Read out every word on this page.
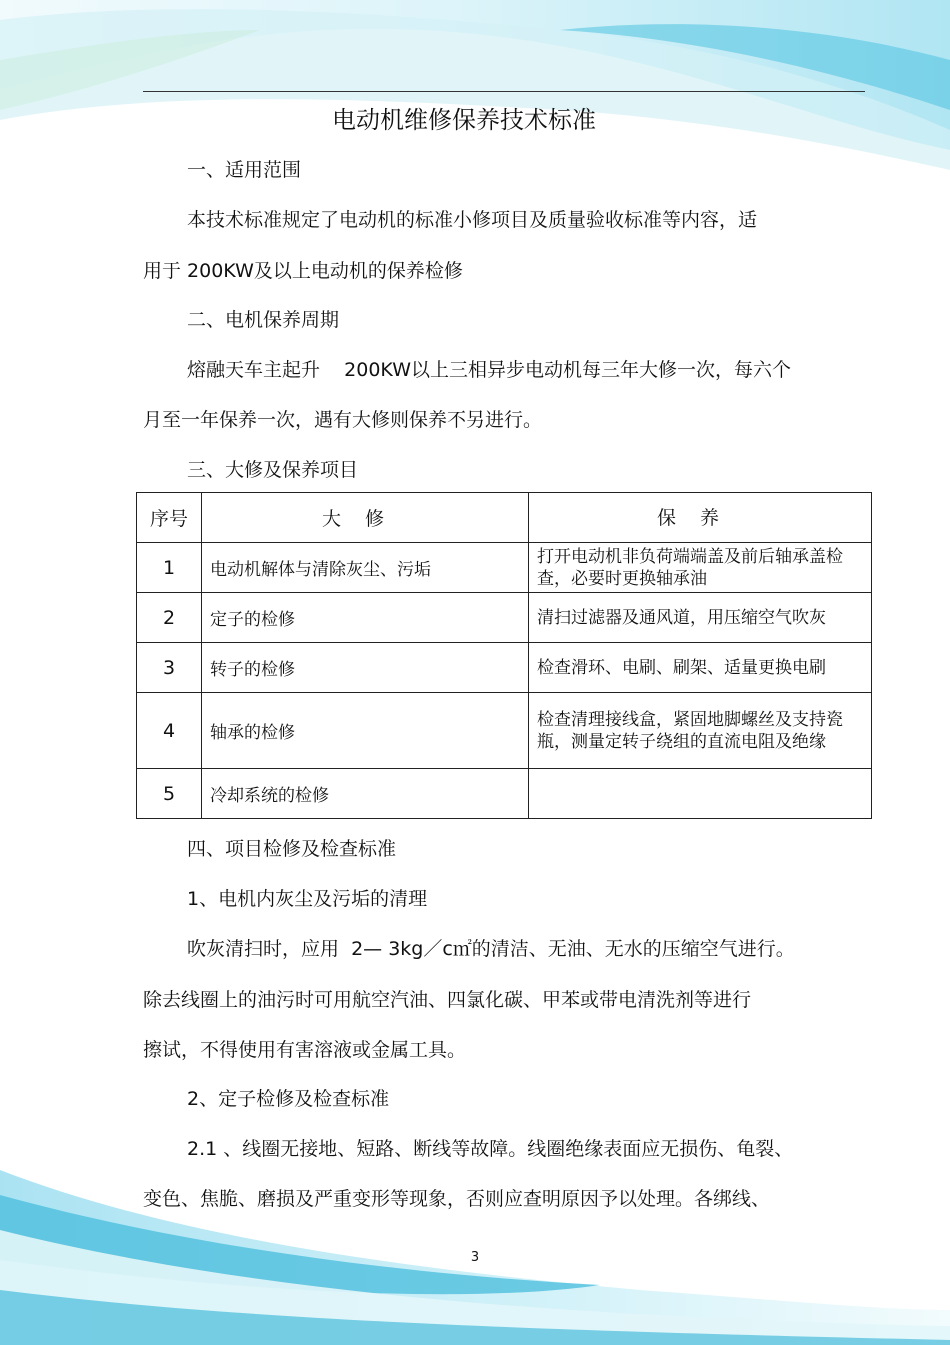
电动机维修保养技术标准
一、适用范围
本技术标准规定了电动机的标准小修项目及质量验收标准等内容，适
用于 200KW及以上电动机的保养检修
二、电机保养周期
熔融天车主起升    200KW以上三相异步电动机每三年大修一次，每六个
月至一年保养一次，遇有大修则保养不另进行。
三、大修及保养项目
序号	大修	保养
1	电动机解体与清除灰尘、污垢	打开电动机非负荷端端盖及前后轴承盖检查，必要时更换轴承油
2	定子的检修	清扫过滤器及通风道，用压缩空气吹灰
3	转子的检修	检查滑环、电刷、刷架、适量更换电刷
4	轴承的检修	检查清理接线盒，紧固地脚螺丝及支持瓷瓶，测量定转子绕组的直流电阻及绝缘
5	冷却系统的检修	
四、项目检修及检查标准
1、电机内灰尘及污垢的清理
吹灰清扫时，应用  2— 3kg／c㎡的清洁、无油、无水的压缩空气进行。
除去线圈上的油污时可用航空汽油、四氯化碳、甲苯或带电清洗剂等进行
擦试，不得使用有害溶液或金属工具。
2、定子检修及检查标准
2.1 、线圈无接地、短路、断线等故障。线圈绝缘表面应无损伤、龟裂、
变色、焦脆、磨损及严重变形等现象，否则应查明原因予以处理。各绑线、
3
